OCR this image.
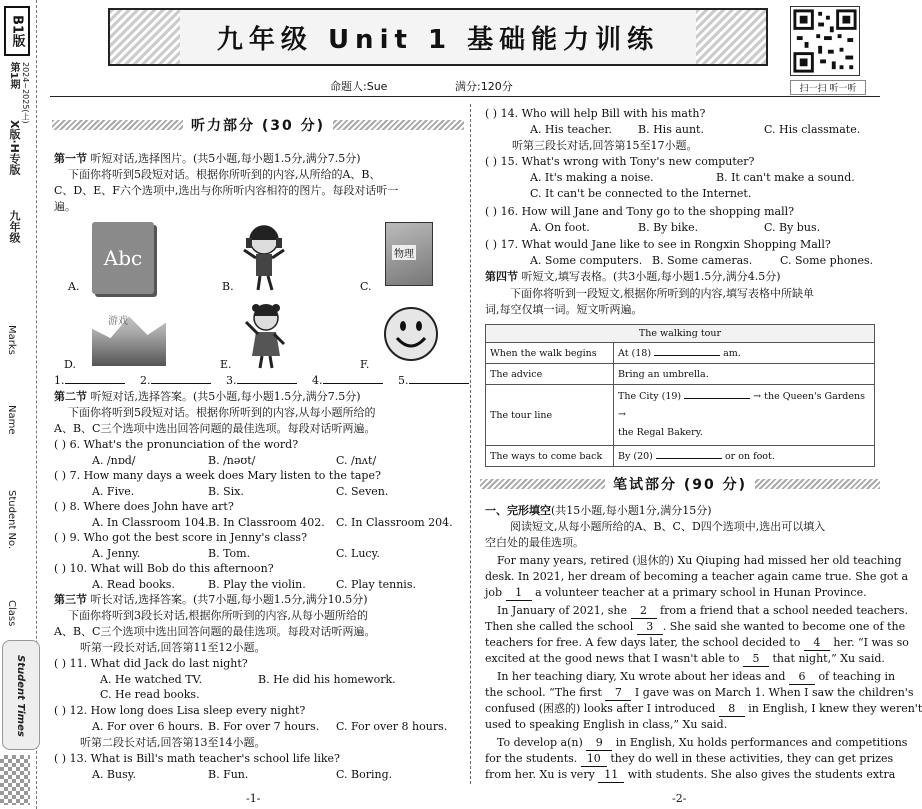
B1版
第1期 2024~2025(上)
X版·H专版
九年级
Marks
Name
Student No.
Class
Student Times
九年级 Unit 1 基础能力训练
扫一扫 听一听
命题人:Sue	满分:120分
听力部分 (30 分)
第一节 听短对话,选择图片。(共5小题,每小题1.5分,满分7.5分)
下面你将听到5段短对话。根据你所听到的内容,从所给的A、B、
C、D、E、F六个选项中,选出与你所听内容相符的图片。每段对话听一
遍。
A.
Abc
B.	C.
物理
D.
游戏
E.	F.
1.	2.	3.	4.	5.
第二节 听短对话,选择答案。(共5小题,每小题1.5分,满分7.5分)
下面你将听到5段短对话。根据你所听到的内容,从每小题所给的
A、B、C三个选项中选出回答问题的最佳选项。每段对话听两遍。
( ) 6. What's the pronunciation of the word?
A. /nɒd/	B. /nəʊt/	C. /nʌt/
( ) 7. How many days a week does Mary listen to the tape?
A. Five.	B. Six.	C. Seven.
( ) 8. Where does John have art?
A. In Classroom 104. B. In Classroom 402. C. In Classroom 204.
( ) 9. Who got the best score in Jenny's class?
A. Jenny.	B. Tom.	C. Lucy.
( ) 10. What will Bob do this afternoon?
A. Read books.	B. Play the violin.	C. Play tennis.
第三节 听长对话,选择答案。(共7小题,每小题1.5分,满分10.5分)
下面你将听到3段长对话,根据你所听到的内容,从每小题所给的
A、B、C三个选项中选出回答问题的最佳选项。每段对话听两遍。
听第一段长对话,回答第11至12小题。
( ) 11. What did Jack do last night?
A. He watched TV.	B. He did his homework.
C. He read books.
( ) 12. How long does Lisa sleep every night?
A. For over 6 hours. B. For over 7 hours. C. For over 8 hours.
听第二段长对话,回答第13至14小题。
( ) 13. What is Bill's math teacher's school life like?
A. Busy.	B. Fun.	C. Boring.
( ) 14. Who will help Bill with his math?
A. His teacher. B. His aunt.	C. His classmate.
听第三段长对话,回答第15至17小题。
( ) 15. What's wrong with Tony's new computer?
A. It's making a noise.	B. It can't make a sound.
C. It can't be connected to the Internet.
( ) 16. How will Jane and Tony go to the shopping mall?
A. On foot.	B. By bike.	C. By bus.
( ) 17. What would Jane like to see in Rongxin Shopping Mall?
A. Some computers. B. Some cameras.	C. Some phones.
第四节 听短文,填写表格。(共3小题,每小题1.5分,满分4.5分)
下面你将听到一段短文,根据你所听到的内容,填写表格中所缺单
词,每空仅填一词。短文听两遍。
The walking tour	
When the walk begins	At (18) am.
The advice	Bring an umbrella.
The tour line	The City (19) → the Queen's Gardens →
the Regal Bakery.
The ways to come back	By (20) or on foot.
笔试部分 (90 分)
一、完形填空(共15小题,每小题1分,满分15分)
阅读短文,从每小题所给的A、B、C、D四个选项中,选出可以填入
空白处的最佳选项。
For many years, retired (退休的) Xu Qiuping had missed her old teaching
desk. In 2021, her dream of becoming a teacher again came true. She got a
job 1 a volunteer teacher at a primary school in Hunan Province.
In January of 2021, she 2 from a friend that a school needed teachers.
Then she called the school 3 . She said she wanted to become one of the
teachers for free. A few days later, the school decided to 4 her. “I was so
excited at the good news that I wasn't able to 5 that night,” Xu said.
In her teaching diary, Xu wrote about her ideas and 6 of teaching in
the school. “The first 7 I gave was on March 1. When I saw the children's
confused (困惑的) looks after I introduced 8 in English, I knew they weren't
used to speaking English in class,” Xu said.
To develop a(n) 9 in English, Xu holds performances and competitions
for the students. 10 they do well in these activities, they can get prizes
from her. Xu is very 11 with students. She also gives the students extra
-1-	-2-
